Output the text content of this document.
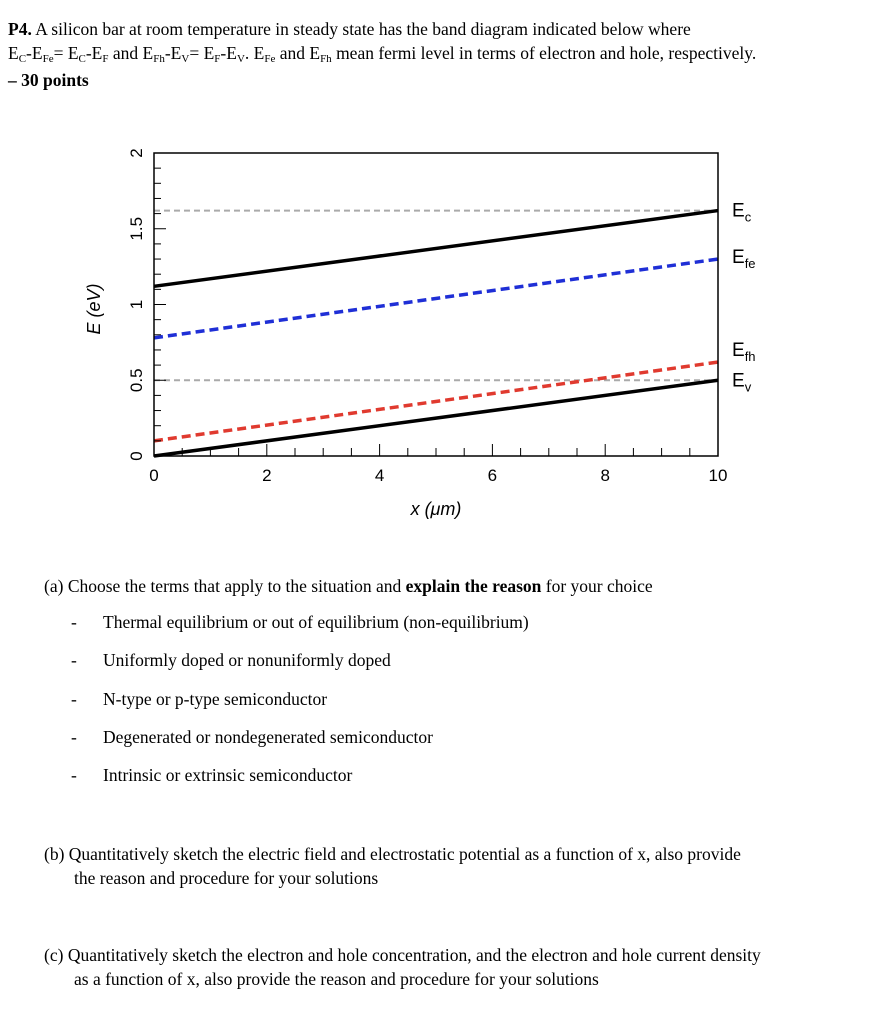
P4. A silicon bar at room temperature in steady state has the band diagram indicated below where
$E_C-E_{Fe}= E_C-E_F$ and $E_{Fh}-E_V= E_F-E_V$. $E_{Fe}$ and $E_{Fh}$ mean fermi level in terms of electron and hole, respectively.
– 30 points
0
0.5
1
1.5
2
0	2	4	6	8	10
$E_c$
$E_{fe}$
$E_{fh}$
$E_v$
E (eV)
x (μm)
(a) Choose the terms that apply to the situation and explain the reason for your choice
- Thermal equilibrium or out of equilibrium (non-equilibrium)
- Uniformly doped or nonuniformly doped
- N-type or p-type semiconductor
- Degenerated or nondegenerated semiconductor
- Intrinsic or extrinsic semiconductor
(b) Quantitatively sketch the electric field and electrostatic potential as a function of x, also provide
the reason and procedure for your solutions
(c) Quantitatively sketch the electron and hole concentration, and the electron and hole current density
as a function of x, also provide the reason and procedure for your solutions
